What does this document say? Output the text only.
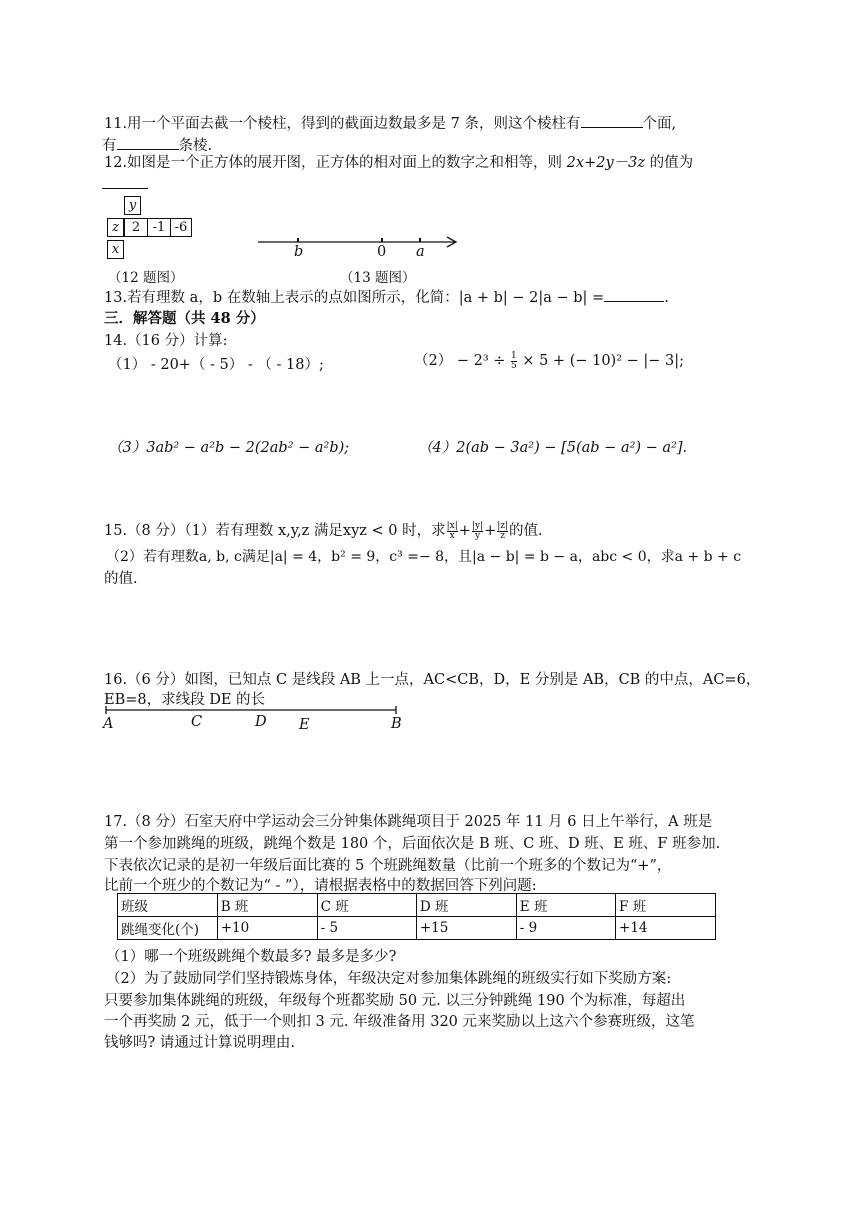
11.用一个平面去截一个棱柱，得到的截面边数最多是 7 条，则这个棱柱有	个面,
有	条棱.
12.如图是一个正方体的展开图，正方体的相对面上的数字之和相等，则 2x+2y－3z 的值为
y
z 2 -1 -6
x
（12 题图）
b	0 a
（13 题图）
13.若有理数 a，b 在数轴上表示的点如图所示，化简：|a + b| − 2|a − b| =	.
三．解答题（共 48 分）
14.（16 分）计算:
（1） - 20+（ - 5） - （ - 18）;	$(2) - 2^3 \div \frac{1}{5} \times 5$ + (− 10)² − |− 3|;
（3）3ab² − a²b − 2(2ab² − a²b);	（4）2(ab − 3a²) − [5(ab − a²) − a²].
15.（8 分）（1）若有理数 x,y,z 满足xyz < 0 时，求 $\frac{|x|}{x} + \frac{|y|}{y} + \frac{|z|}{z}$ 的值.
（2）若有理数a, b, c满足|a| = 4，b² = 9，c³ =− 8，且|a − b| = b − a，abc < 0，求a + b + c
的值.
16.（6 分）如图，已知点 C 是线段 AB 上一点，AC<CB，D，E 分别是 AB，CB 的中点，AC=6，
EB=8，求线段 DE 的长
A	C	D E	B
17.（8 分）石室天府中学运动会三分钟集体跳绳项目于 2025 年 11 月 6 日上午举行，A 班是
第一个参加跳绳的班级，跳绳个数是 180 个，后面依次是 B 班、C 班、D 班、E 班、F 班参加.
下表依次记录的是初一年级后面比赛的 5 个班跳绳数量（比前一个班多的个数记为“+”，
比前一个班少的个数记为“ - ”），请根据表格中的数据回答下列问题:
班级	B 班	C 班	D 班	E 班	F 班
跳绳变化(个)	+10	- 5	+15	- 9	+14
（1）哪一个班级跳绳个数最多? 最多是多少?
（2）为了鼓励同学们坚持锻炼身体，年级决定对参加集体跳绳的班级实行如下奖励方案:
只要参加集体跳绳的班级，年级每个班都奖励 50 元. 以三分钟跳绳 190 个为标准，每超出
一个再奖励 2 元，低于一个则扣 3 元. 年级准备用 320 元来奖励以上这六个参赛班级，这笔
钱够吗? 请通过计算说明理由.
